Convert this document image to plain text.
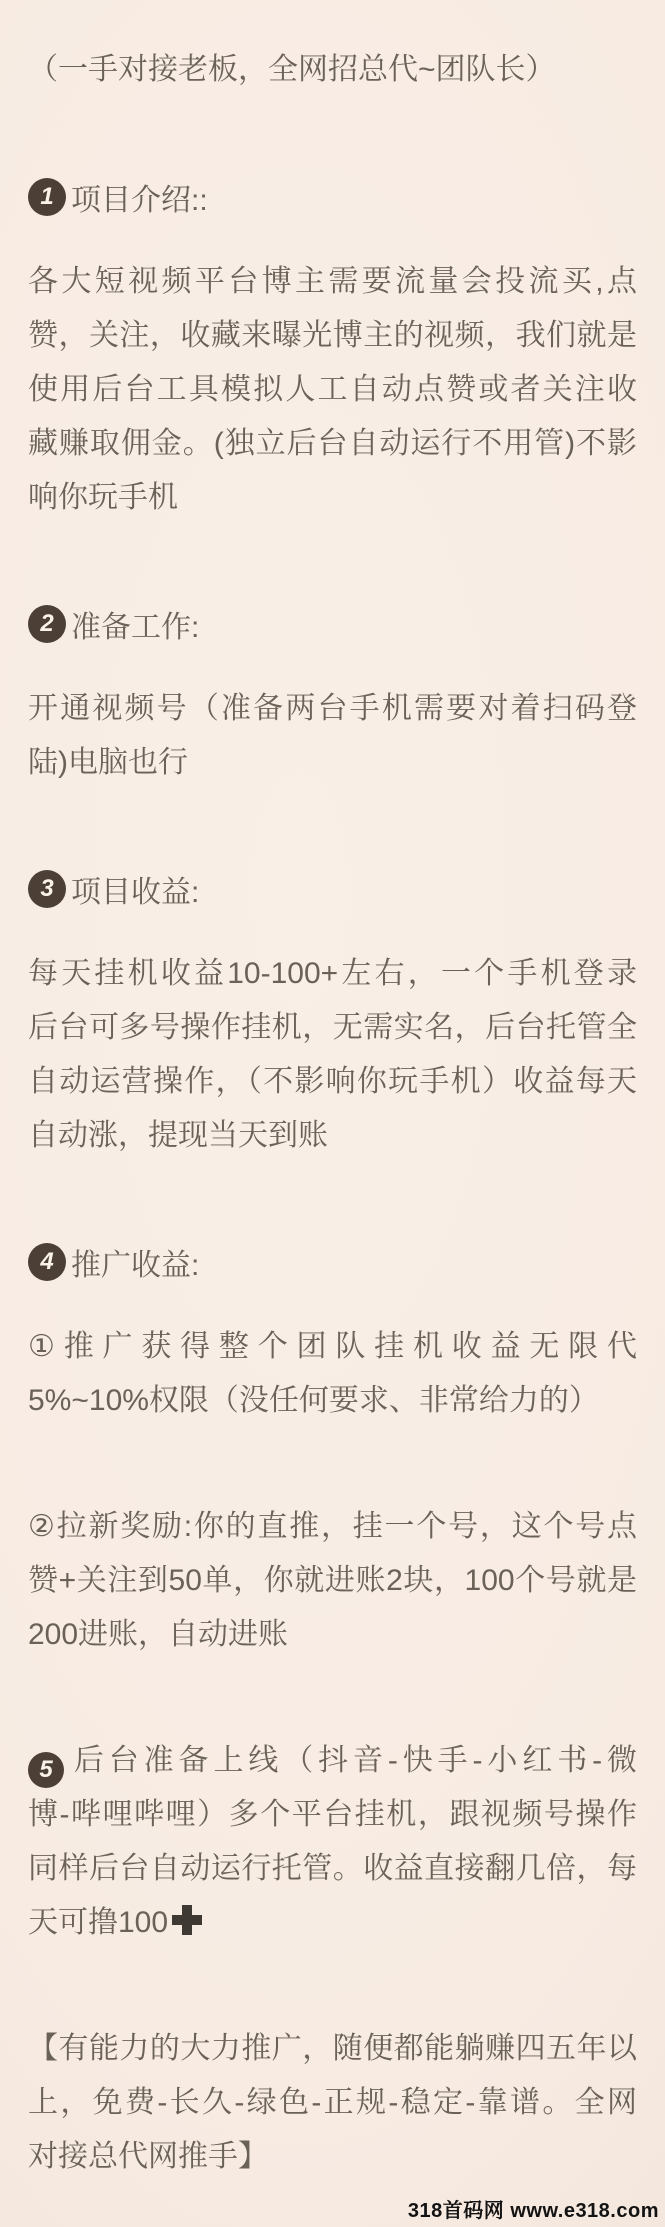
（一手对接老板，全网招总代~团队长）
1 项目介绍::
各大短视频平台博主需要流量会投流买,点
赞，关注，收藏来曝光博主的视频，我们就是
使用后台工具模拟人工自动点赞或者关注收
藏赚取佣金。(独立后台自动运行不用管)不影
响你玩手机
2 准备工作:
开通视频号（准备两台手机需要对着扫码登
陆)电脑也行
3 项目收益:
每天挂机收益10-100+左右，一个手机登录
后台可多号操作挂机，无需实名，后台托管全
自动运营操作，（不影响你玩手机）收益每天
自动涨，提现当天到账
4 推广收益:
①推广获得整个团队挂机收益无限代
5%~10%权限（没任何要求、非常给力的）
②拉新奖励:你的直推，挂一个号，这个号点
赞+关注到50单，你就进账2块，100个号就是
200进账，自动进账
5 后台准备上线（抖音-快手-小红书-微
博-哔哩哔哩）多个平台挂机，跟视频号操作
同样后台自动运行托管。收益直接翻几倍，每
天可撸100
【有能力的大力推广，随便都能躺赚四五年以
上，免费-长久-绿色-正规-稳定-靠谱。全网
对接总代网推手】
318首码网 www.e318.com
